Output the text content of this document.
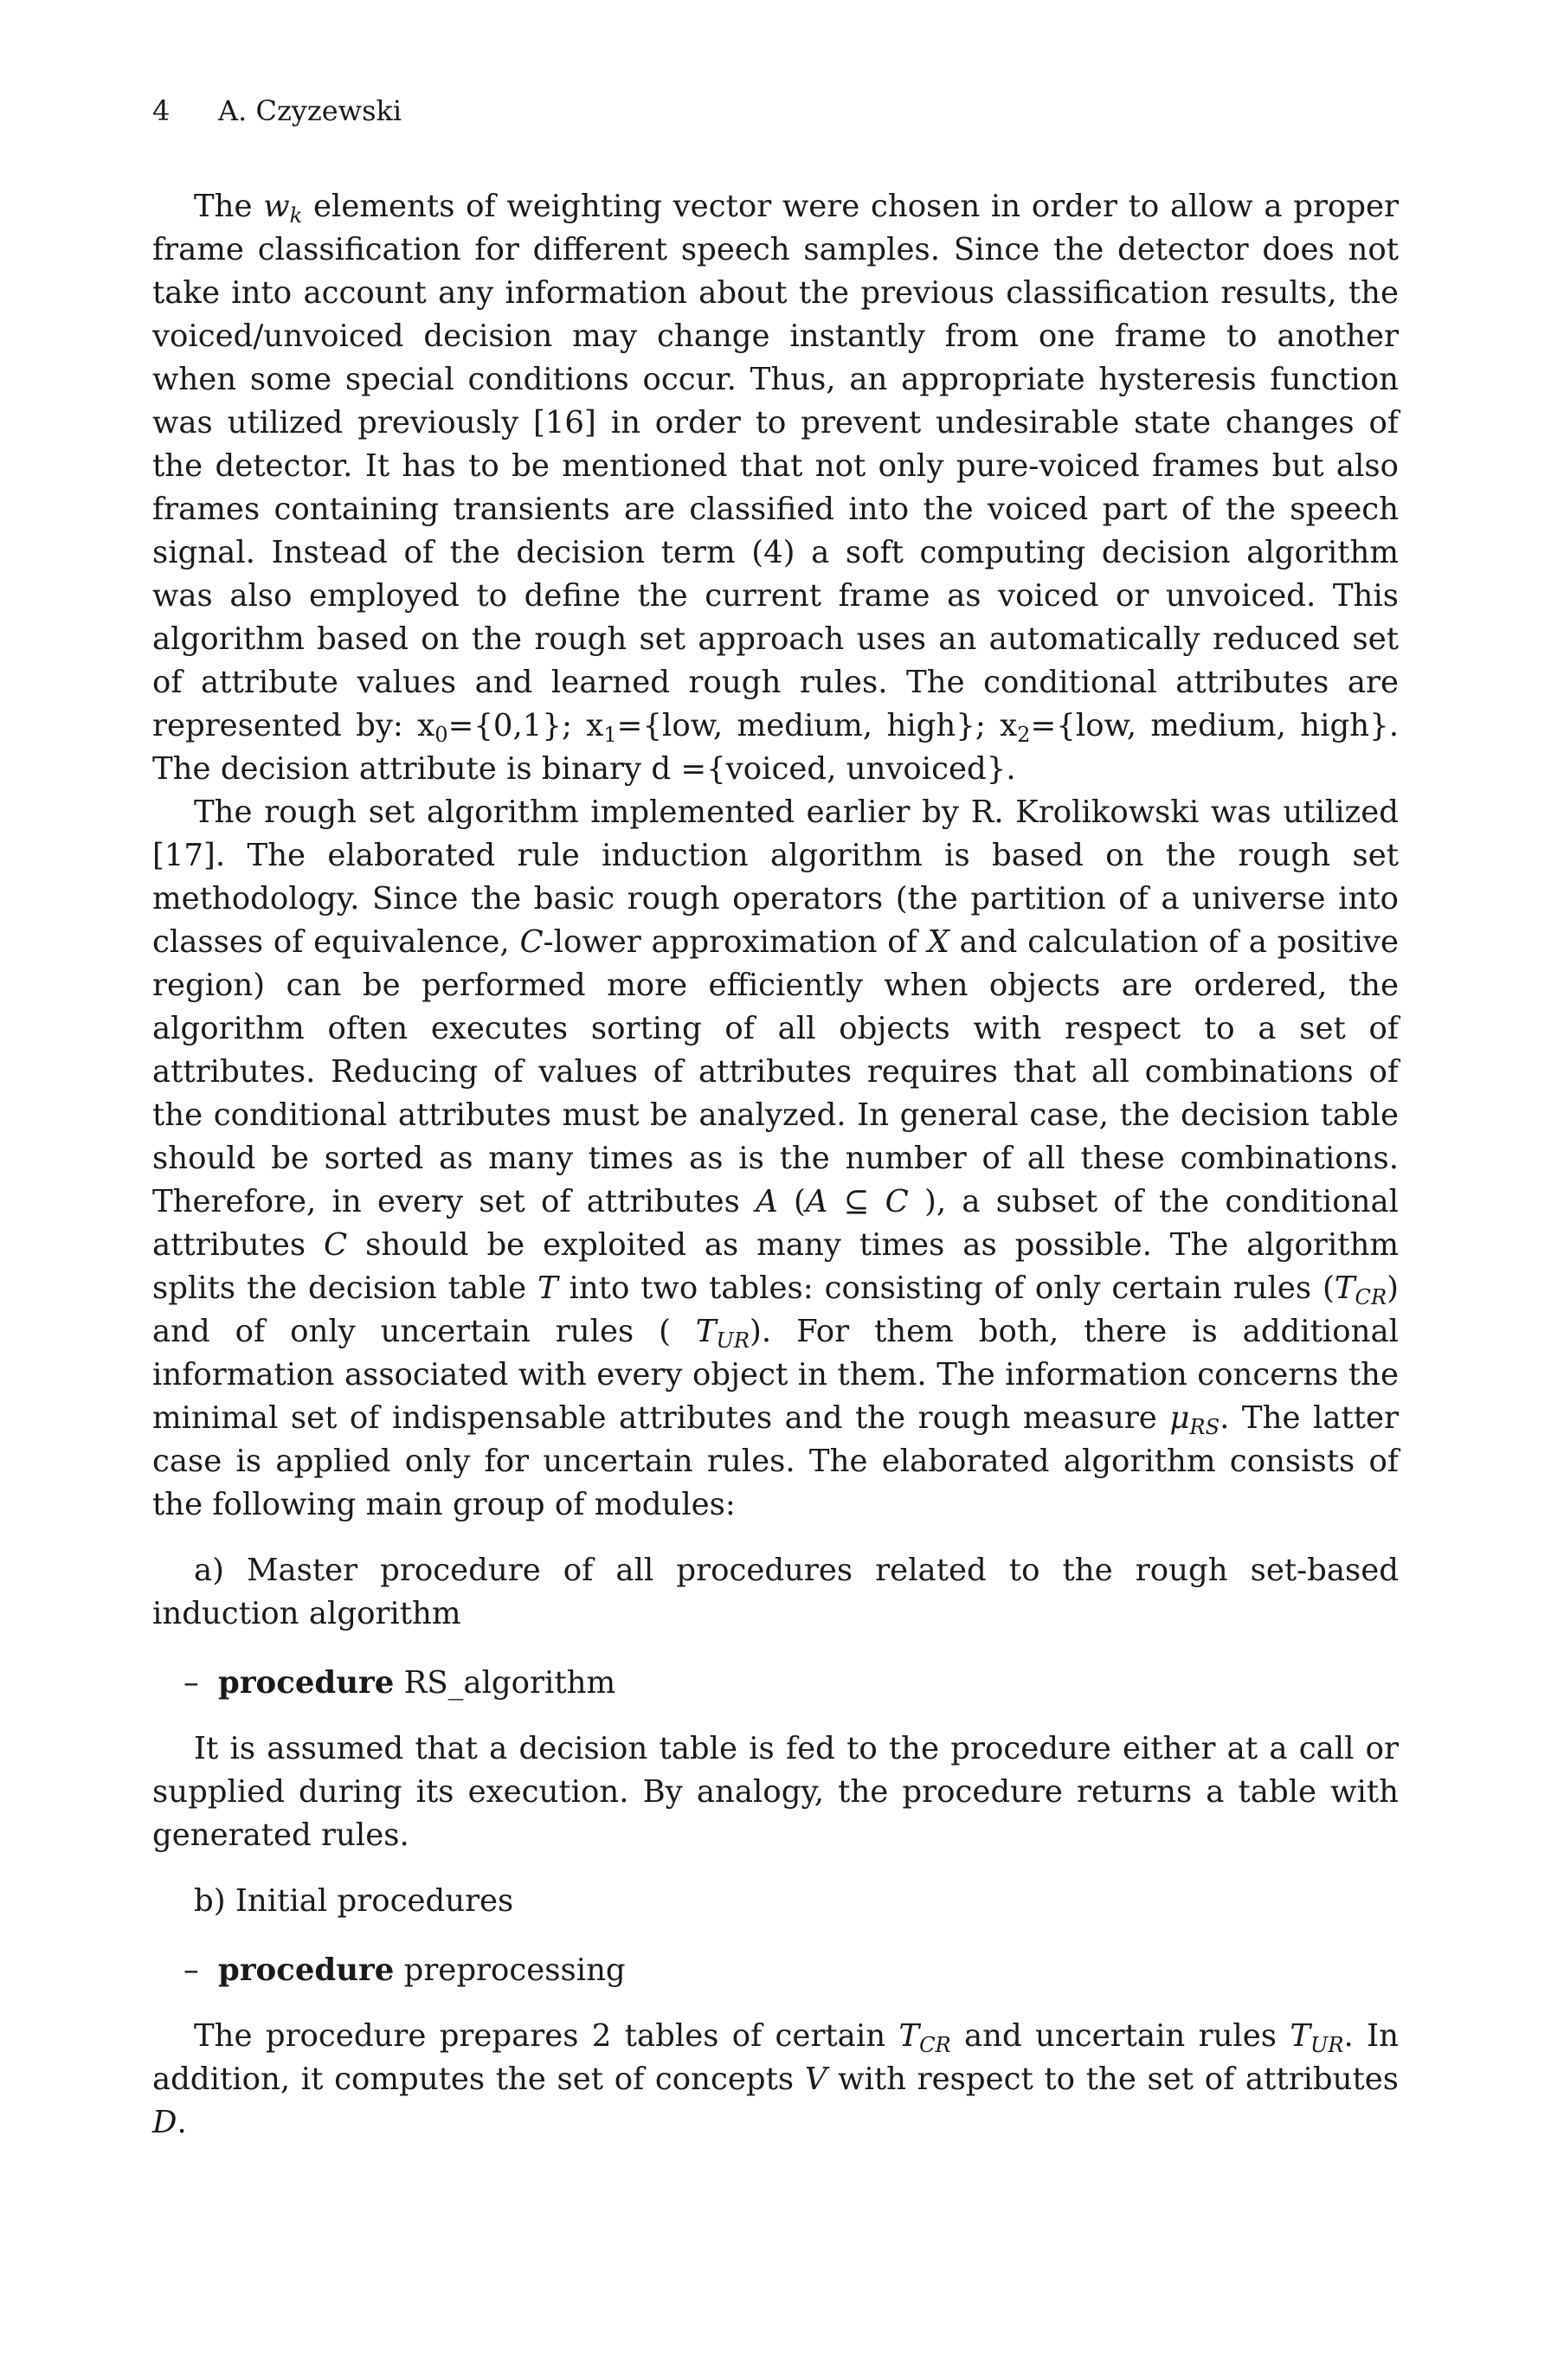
4 A. Czyzewski

The $w_k$ elements of weighting vector were chosen in order to allow a proper frame classification for different speech samples. Since the detector does not take into account any information about the previous classification results, the voiced/unvoiced decision may change instantly from one frame to another when some special conditions occur. Thus, an appropriate hysteresis function was utilized previously [16] in order to prevent undesirable state changes of the detector. It has to be mentioned that not only pure-voiced frames but also frames containing transients are classified into the voiced part of the speech signal. Instead of the decision term (4) a soft computing decision algorithm was also employed to define the current frame as voiced or unvoiced. This algorithm based on the rough set approach uses an automatically reduced set of attribute values and learned rough rules. The conditional attributes are represented by: $x_0=\{0,1\}$; $x_1=\{low$, medium, high}; $x_2=\{low$, medium, high}. The decision attribute is binary d ={voiced, unvoiced}.

The rough set algorithm implemented earlier by R. Krolikowski was utilized [17]. The elaborated rule induction algorithm is based on the rough set methodology. Since the basic rough operators (the partition of a universe into classes of equivalence, C-lower approximation of X and calculation of a positive region) can be performed more efficiently when objects are ordered, the algorithm often executes sorting of all objects with respect to a set of attributes. Reducing of values of attributes requires that all combinations of the conditional attributes must be analyzed. In general case, the decision table should be sorted as many times as is the number of all these combinations. Therefore, in every set of attributes A (A ⊆ C ), a subset of the conditional attributes C should be exploited as many times as possible. The algorithm splits the decision table T into two tables: consisting of only certain rules $(T_{CR})$ and of only uncertain rules ( $T_{UR}$). For them both, there is additional information associated with every object in them. The information concerns the minimal set of indispensable attributes and the rough measure $\mu_{RS}$. The latter case is applied only for uncertain rules. The elaborated algorithm consists of the following main group of modules:

a) Master procedure of all procedures related to the rough set-based induction algorithm

– procedure RS_algorithm

It is assumed that a decision table is fed to the procedure either at a call or supplied during its execution. By analogy, the procedure returns a table with generated rules.

b) Initial procedures

– procedure preprocessing

The procedure prepares 2 tables of certain $T_{CR}$ and uncertain rules $T_{UR}$. In addition, it computes the set of concepts V with respect to the set of attributes D.
